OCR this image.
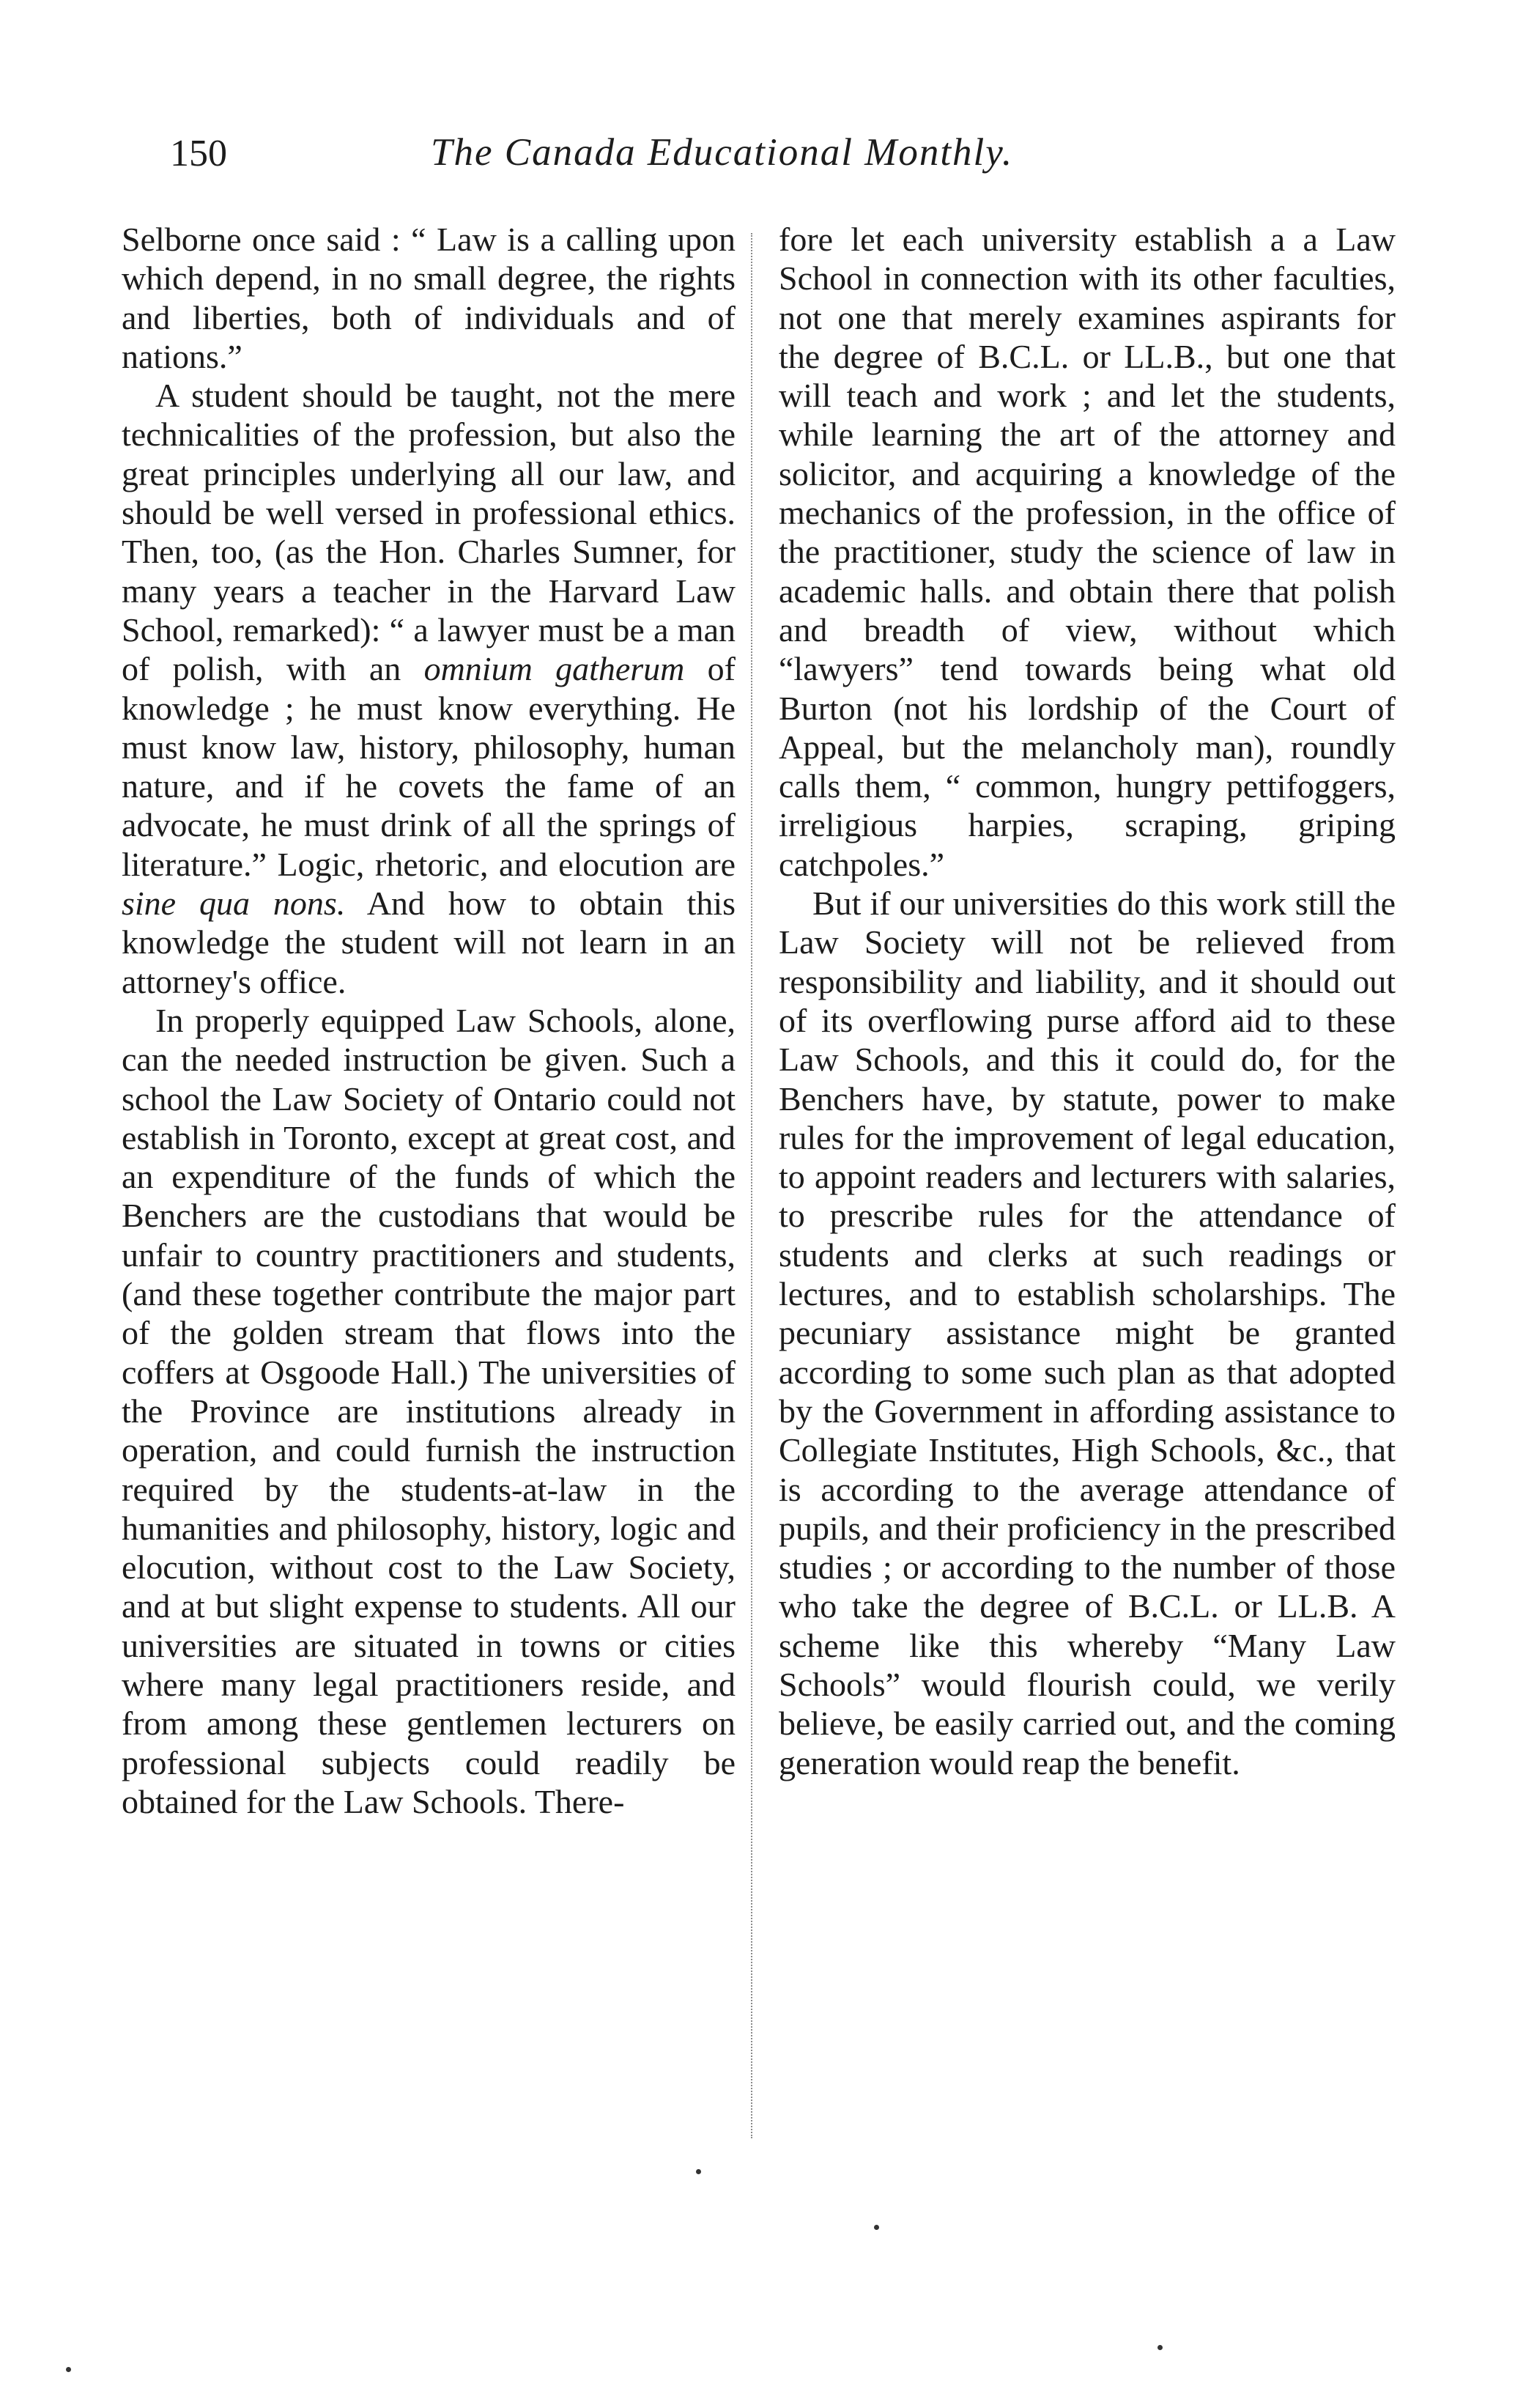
150	The Canada Educational Monthly.

Selborne once said : “ Law is a calling upon which depend, in no small degree, the rights and liberties, both of individuals and of nations.”

A student should be taught, not the mere technicalities of the profession, but also the great principles underlying all our law, and should be well versed in professional ethics. Then, too, (as the Hon. Charles Sumner, for many years a teacher in the Harvard Law School, remarked): “ a lawyer must be a man of polish, with an omnium gatherum of knowledge ; he must know everything. He must know law, history, philosophy, human nature, and if he covets the fame of an advocate, he must drink of all the springs of literature.” Logic, rhetoric, and elocution are sine qua nons. And how to obtain this knowledge the student will not learn in an attorney's office.

In properly equipped Law Schools, alone, can the needed instruction be given. Such a school the Law Society of Ontario could not establish in Toronto, except at great cost, and an expenditure of the funds of which the Benchers are the custodians that would be unfair to country practitioners and students, (and these together contribute the major part of the golden stream that flows into the coffers at Osgoode Hall.) The universities of the Province are institutions already in operation, and could furnish the instruction required by the students-at-law in the humanities and philosophy, history, logic and elocution, without cost to the Law Society, and at but slight expense to students. All our universities are situated in towns or cities where many legal practitioners reside, and from among these gentlemen lecturers on professional subjects could readily be obtained for the Law Schools. There-

fore let each university establish a a Law School in connection with its other faculties, not one that merely examines aspirants for the degree of B.C.L. or LL.B., but one that will teach and work ; and let the students, while learning the art of the attorney and solicitor, and acquiring a knowledge of the mechanics of the profession, in the office of the practitioner, study the science of law in academic halls. and obtain there that polish and breadth of view, without which “lawyers” tend towards being what old Burton (not his lordship of the Court of Appeal, but the melancholy man), roundly calls them, “ common, hungry pettifoggers, irreligious harpies, scraping, griping catchpoles.”

But if our universities do this work still the Law Society will not be relieved from responsibility and liability, and it should out of its overflowing purse afford aid to these Law Schools, and this it could do, for the Benchers have, by statute, power to make rules for the improvement of legal education, to appoint readers and lecturers with salaries, to prescribe rules for the attendance of students and clerks at such readings or lectures, and to establish scholarships. The pecuniary assistance might be granted according to some such plan as that adopted by the Government in affording assistance to Collegiate Institutes, High Schools, &c., that is according to the average attendance of pupils, and their proficiency in the prescribed studies ; or according to the number of those who take the degree of B.C.L. or LL.B. A scheme like this whereby “Many Law Schools” would flourish could, we verily believe, be easily carried out, and the coming generation would reap the benefit.
